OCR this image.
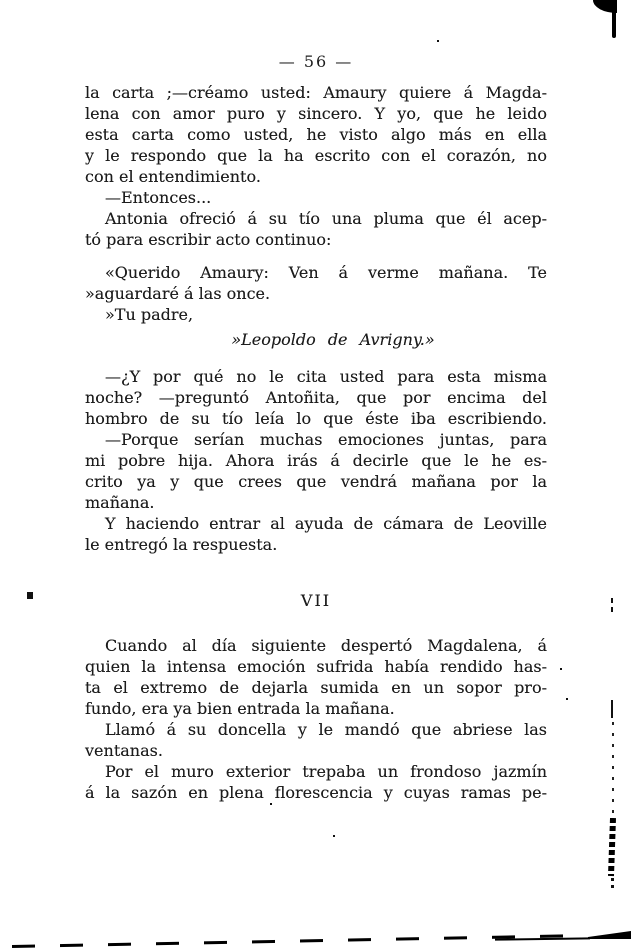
— 56 —
la carta ;—créamo usted: Amaury quiere á Magda-
lena con amor puro y sincero. Y yo, que he leido
esta carta como usted, he visto algo más en ella
y le respondo que la ha escrito con el corazón, no
con el entendimiento.
—Entonces...
Antonia ofreció á su tío una pluma que él acep-
tó para escribir acto continuo:
«Querido Amaury: Ven á verme mañana. Te
»aguardaré á las once.
»Tu padre,
»Leopoldo de Avrigny.»
—¿Y por qué no le cita usted para esta misma
noche? —preguntó Antoñita, que por encima del
hombro de su tío leía lo que éste iba escribiendo.
—Porque serían muchas emociones juntas, para
mi pobre hija. Ahora irás á decirle que le he es-
crito ya y que crees que vendrá mañana por la
mañana.
Y haciendo entrar al ayuda de cámara de Leoville
le entregó la respuesta.
VII
Cuando al día siguiente despertó Magdalena, á
quien la intensa emoción sufrida había rendido has-
ta el extremo de dejarla sumida en un sopor pro-
fundo, era ya bien entrada la mañana.
Llamó á su doncella y le mandó que abriese las
ventanas.
Por el muro exterior trepaba un frondoso jazmín
á la sazón en plena florescencia y cuyas ramas pe-
